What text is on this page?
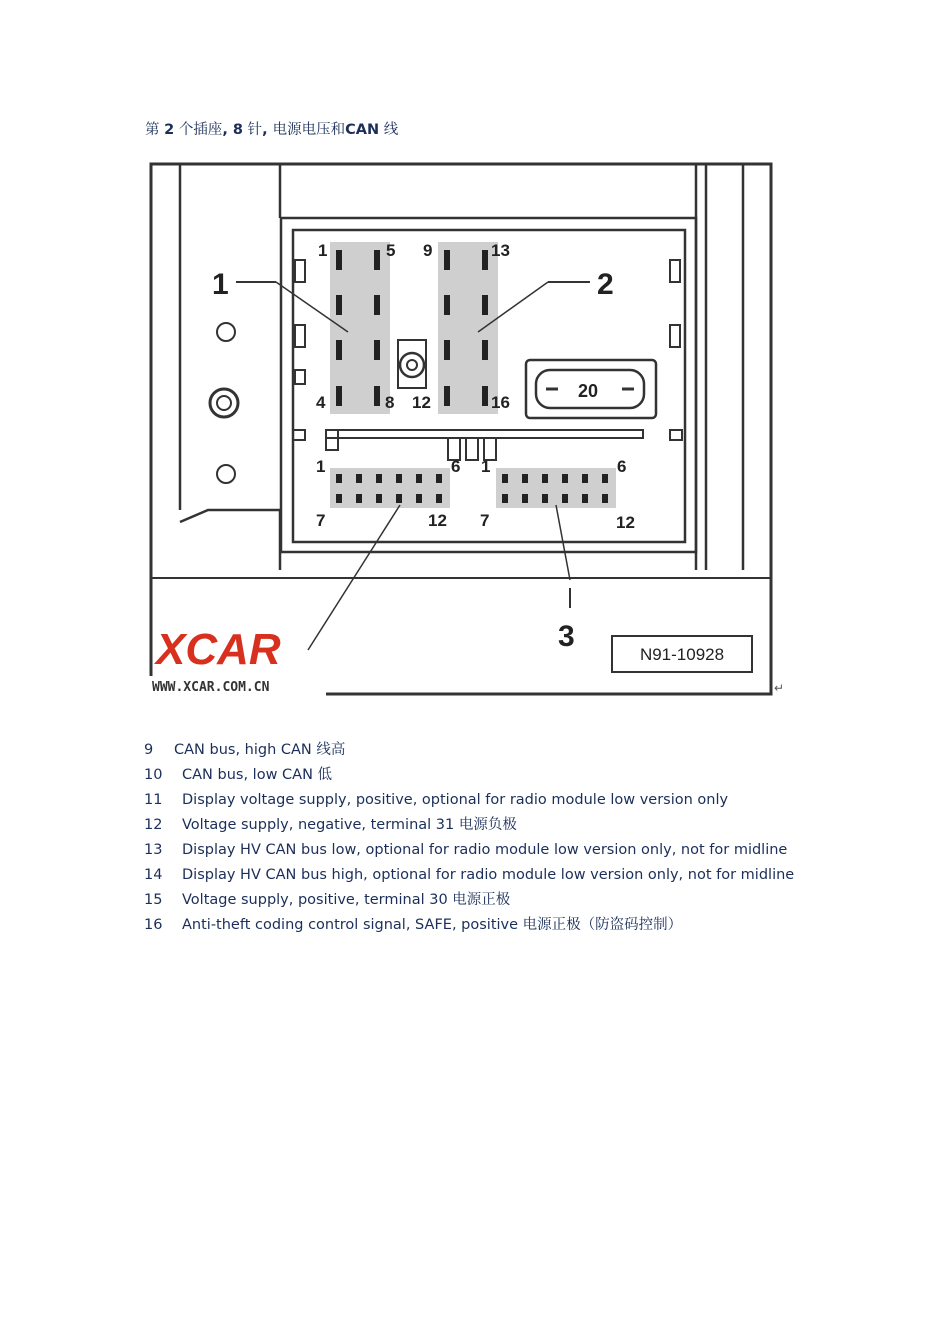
第 2 个插座, 8 针, 电源电压和CAN 线
1	5 9	13
4	8 12	16
20
1	6 1	6
7	12 7	12
1	2
3
N91-10928
XCAR
WWW.XCAR.COM.CN	↵
9 CAN bus, high CAN 线高
10 CAN bus, low CAN 低
11 Display voltage supply, positive, optional for radio module low version only
12 Voltage supply, negative, terminal 31 电源负极
13 Display HV CAN bus low, optional for radio module low version only, not for midline
14 Display HV CAN bus high, optional for radio module low version only, not for midline
15 Voltage supply, positive, terminal 30 电源正极
16 Anti-theft coding control signal, SAFE, positive 电源正极（防盗码控制）
